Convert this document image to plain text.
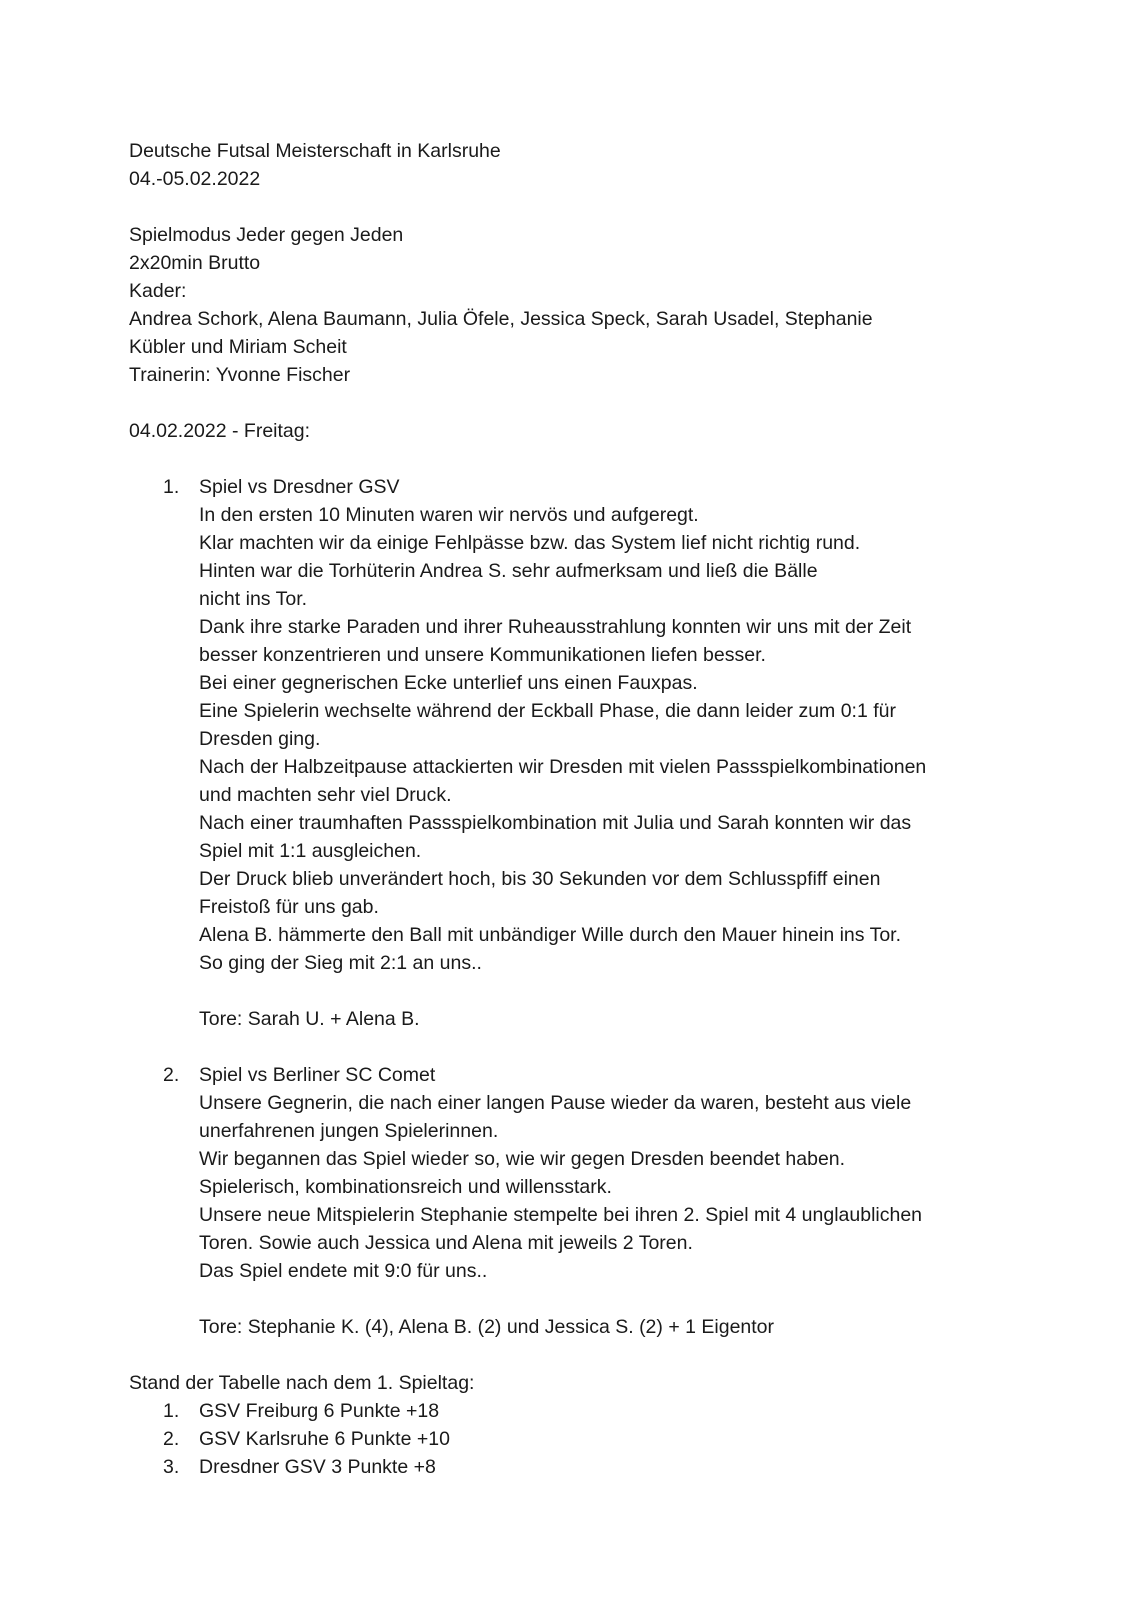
Deutsche Futsal Meisterschaft in Karlsruhe
04.-05.02.2022
Spielmodus Jeder gegen Jeden
2x20min Brutto
Kader:
Andrea Schork, Alena Baumann, Julia Öfele, Jessica Speck, Sarah Usadel, Stephanie
Kübler und Miriam Scheit
Trainerin: Yvonne Fischer
04.02.2022 - Freitag:
1. Spiel vs Dresdner GSV
In den ersten 10 Minuten waren wir nervös und aufgeregt.
Klar machten wir da einige Fehlpässe bzw. das System lief nicht richtig rund.
Hinten war die Torhüterin Andrea S. sehr aufmerksam und ließ die Bälle
nicht ins Tor.
Dank ihre starke Paraden und ihrer Ruheausstrahlung konnten wir uns mit der Zeit
besser konzentrieren und unsere Kommunikationen liefen besser.
Bei einer gegnerischen Ecke unterlief uns einen Fauxpas.
Eine Spielerin wechselte während der Eckball Phase, die dann leider zum 0:1 für
Dresden ging.
Nach der Halbzeitpause attackierten wir Dresden mit vielen Passspielkombinationen
und machten sehr viel Druck.
Nach einer traumhaften Passspielkombination mit Julia und Sarah konnten wir das
Spiel mit 1:1 ausgleichen.
Der Druck blieb unverändert hoch, bis 30 Sekunden vor dem Schlusspfiff einen
Freistoß für uns gab.
Alena B. hämmerte den Ball mit unbändiger Wille durch den Mauer hinein ins Tor.
So ging der Sieg mit 2:1 an uns..
Tore: Sarah U. + Alena B.
2. Spiel vs Berliner SC Comet
Unsere Gegnerin, die nach einer langen Pause wieder da waren, besteht aus viele
unerfahrenen jungen Spielerinnen.
Wir begannen das Spiel wieder so, wie wir gegen Dresden beendet haben.
Spielerisch, kombinationsreich und willensstark.
Unsere neue Mitspielerin Stephanie stempelte bei ihren 2. Spiel mit 4 unglaublichen
Toren. Sowie auch Jessica und Alena mit jeweils 2 Toren.
Das Spiel endete mit 9:0 für uns..
Tore: Stephanie K. (4), Alena B. (2) und Jessica S. (2) + 1 Eigentor
Stand der Tabelle nach dem 1. Spieltag:
1. GSV Freiburg 6 Punkte +18
2. GSV Karlsruhe 6 Punkte +10
3. Dresdner GSV 3 Punkte +8
